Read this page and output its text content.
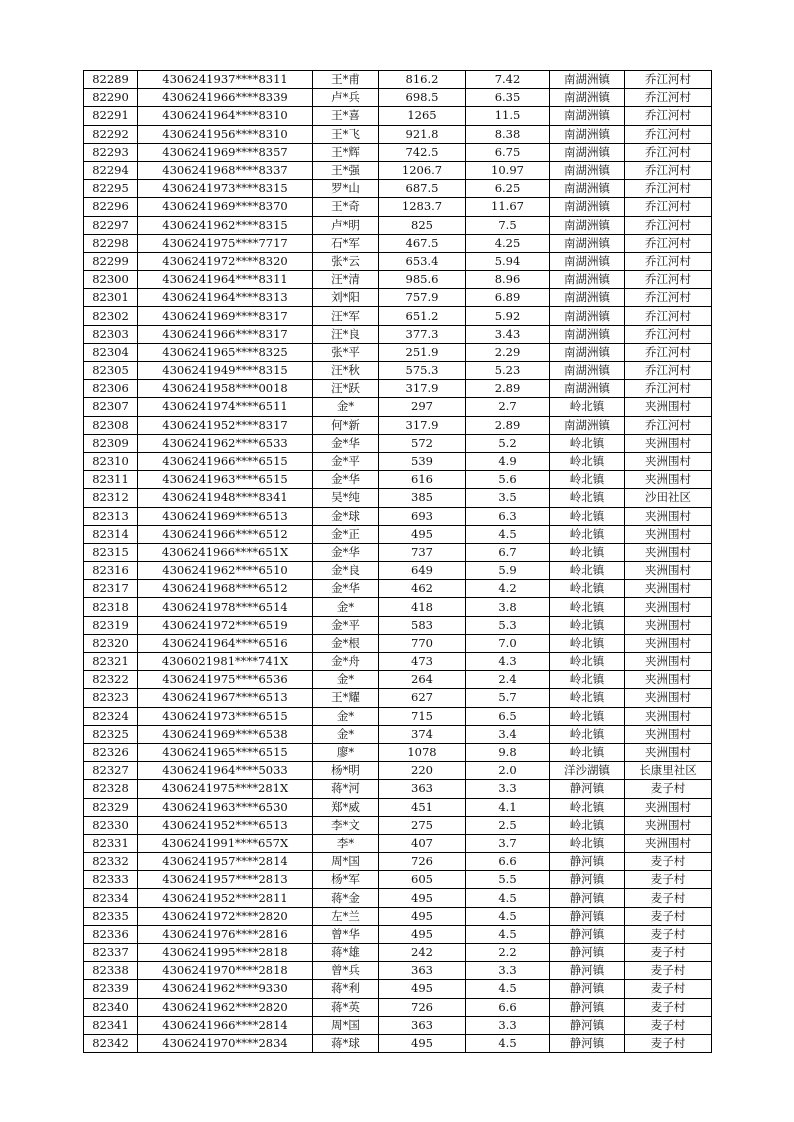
82289	4306241937****8311	王*甫	816.2	7.42	南湖洲镇	乔江河村
82290	4306241966****8339	卢*兵	698.5	6.35	南湖洲镇	乔江河村
82291	4306241964****8310	王*喜	1265	11.5	南湖洲镇	乔江河村
82292	4306241956****8310	王*飞	921.8	8.38	南湖洲镇	乔江河村
82293	4306241969****8357	王*辉	742.5	6.75	南湖洲镇	乔江河村
82294	4306241968****8337	王*强	1206.7	10.97	南湖洲镇	乔江河村
82295	4306241973****8315	罗*山	687.5	6.25	南湖洲镇	乔江河村
82296	4306241969****8370	王*奇	1283.7	11.67	南湖洲镇	乔江河村
82297	4306241962****8315	卢*明	825	7.5	南湖洲镇	乔江河村
82298	4306241975****7717	石*军	467.5	4.25	南湖洲镇	乔江河村
82299	4306241972****8320	张*云	653.4	5.94	南湖洲镇	乔江河村
82300	4306241964****8311	汪*清	985.6	8.96	南湖洲镇	乔江河村
82301	4306241964****8313	刘*阳	757.9	6.89	南湖洲镇	乔江河村
82302	4306241969****8317	汪*军	651.2	5.92	南湖洲镇	乔江河村
82303	4306241966****8317	汪*良	377.3	3.43	南湖洲镇	乔江河村
82304	4306241965****8325	张*平	251.9	2.29	南湖洲镇	乔江河村
82305	4306241949****8315	汪*秋	575.3	5.23	南湖洲镇	乔江河村
82306	4306241958****0018	汪*跃	317.9	2.89	南湖洲镇	乔江河村
82307	4306241974****6511	金*	297	2.7	岭北镇	夹洲围村
82308	4306241952****8317	何*新	317.9	2.89	南湖洲镇	乔江河村
82309	4306241962****6533	金*华	572	5.2	岭北镇	夹洲围村
82310	4306241966****6515	金*平	539	4.9	岭北镇	夹洲围村
82311	4306241963****6515	金*华	616	5.6	岭北镇	夹洲围村
82312	4306241948****8341	吴*纯	385	3.5	岭北镇	沙田社区
82313	4306241969****6513	金*球	693	6.3	岭北镇	夹洲围村
82314	4306241966****6512	金*正	495	4.5	岭北镇	夹洲围村
82315	4306241966****651X	金*华	737	6.7	岭北镇	夹洲围村
82316	4306241962****6510	金*良	649	5.9	岭北镇	夹洲围村
82317	4306241968****6512	金*华	462	4.2	岭北镇	夹洲围村
82318	4306241978****6514	金*	418	3.8	岭北镇	夹洲围村
82319	4306241972****6519	金*平	583	5.3	岭北镇	夹洲围村
82320	4306241964****6516	金*根	770	7.0	岭北镇	夹洲围村
82321	4306021981****741X	金*舟	473	4.3	岭北镇	夹洲围村
82322	4306241975****6536	金*	264	2.4	岭北镇	夹洲围村
82323	4306241967****6513	王*耀	627	5.7	岭北镇	夹洲围村
82324	4306241973****6515	金*	715	6.5	岭北镇	夹洲围村
82325	4306241969****6538	金*	374	3.4	岭北镇	夹洲围村
82326	4306241965****6515	廖*	1078	9.8	岭北镇	夹洲围村
82327	4306241964****5033	杨*明	220	2.0	洋沙湖镇	长康里社区
82328	4306241975****281X	蒋*河	363	3.3	静河镇	麦子村
82329	4306241963****6530	郑*威	451	4.1	岭北镇	夹洲围村
82330	4306241952****6513	李*文	275	2.5	岭北镇	夹洲围村
82331	4306241991****657X	李*	407	3.7	岭北镇	夹洲围村
82332	4306241957****2814	周*国	726	6.6	静河镇	麦子村
82333	4306241957****2813	杨*军	605	5.5	静河镇	麦子村
82334	4306241952****2811	蒋*金	495	4.5	静河镇	麦子村
82335	4306241972****2820	左*兰	495	4.5	静河镇	麦子村
82336	4306241976****2816	曾*华	495	4.5	静河镇	麦子村
82337	4306241995****2818	蒋*雄	242	2.2	静河镇	麦子村
82338	4306241970****2818	曾*兵	363	3.3	静河镇	麦子村
82339	4306241962****9330	蒋*利	495	4.5	静河镇	麦子村
82340	4306241962****2820	蒋*英	726	6.6	静河镇	麦子村
82341	4306241966****2814	周*国	363	3.3	静河镇	麦子村
82342	4306241970****2834	蒋*球	495	4.5	静河镇	麦子村
